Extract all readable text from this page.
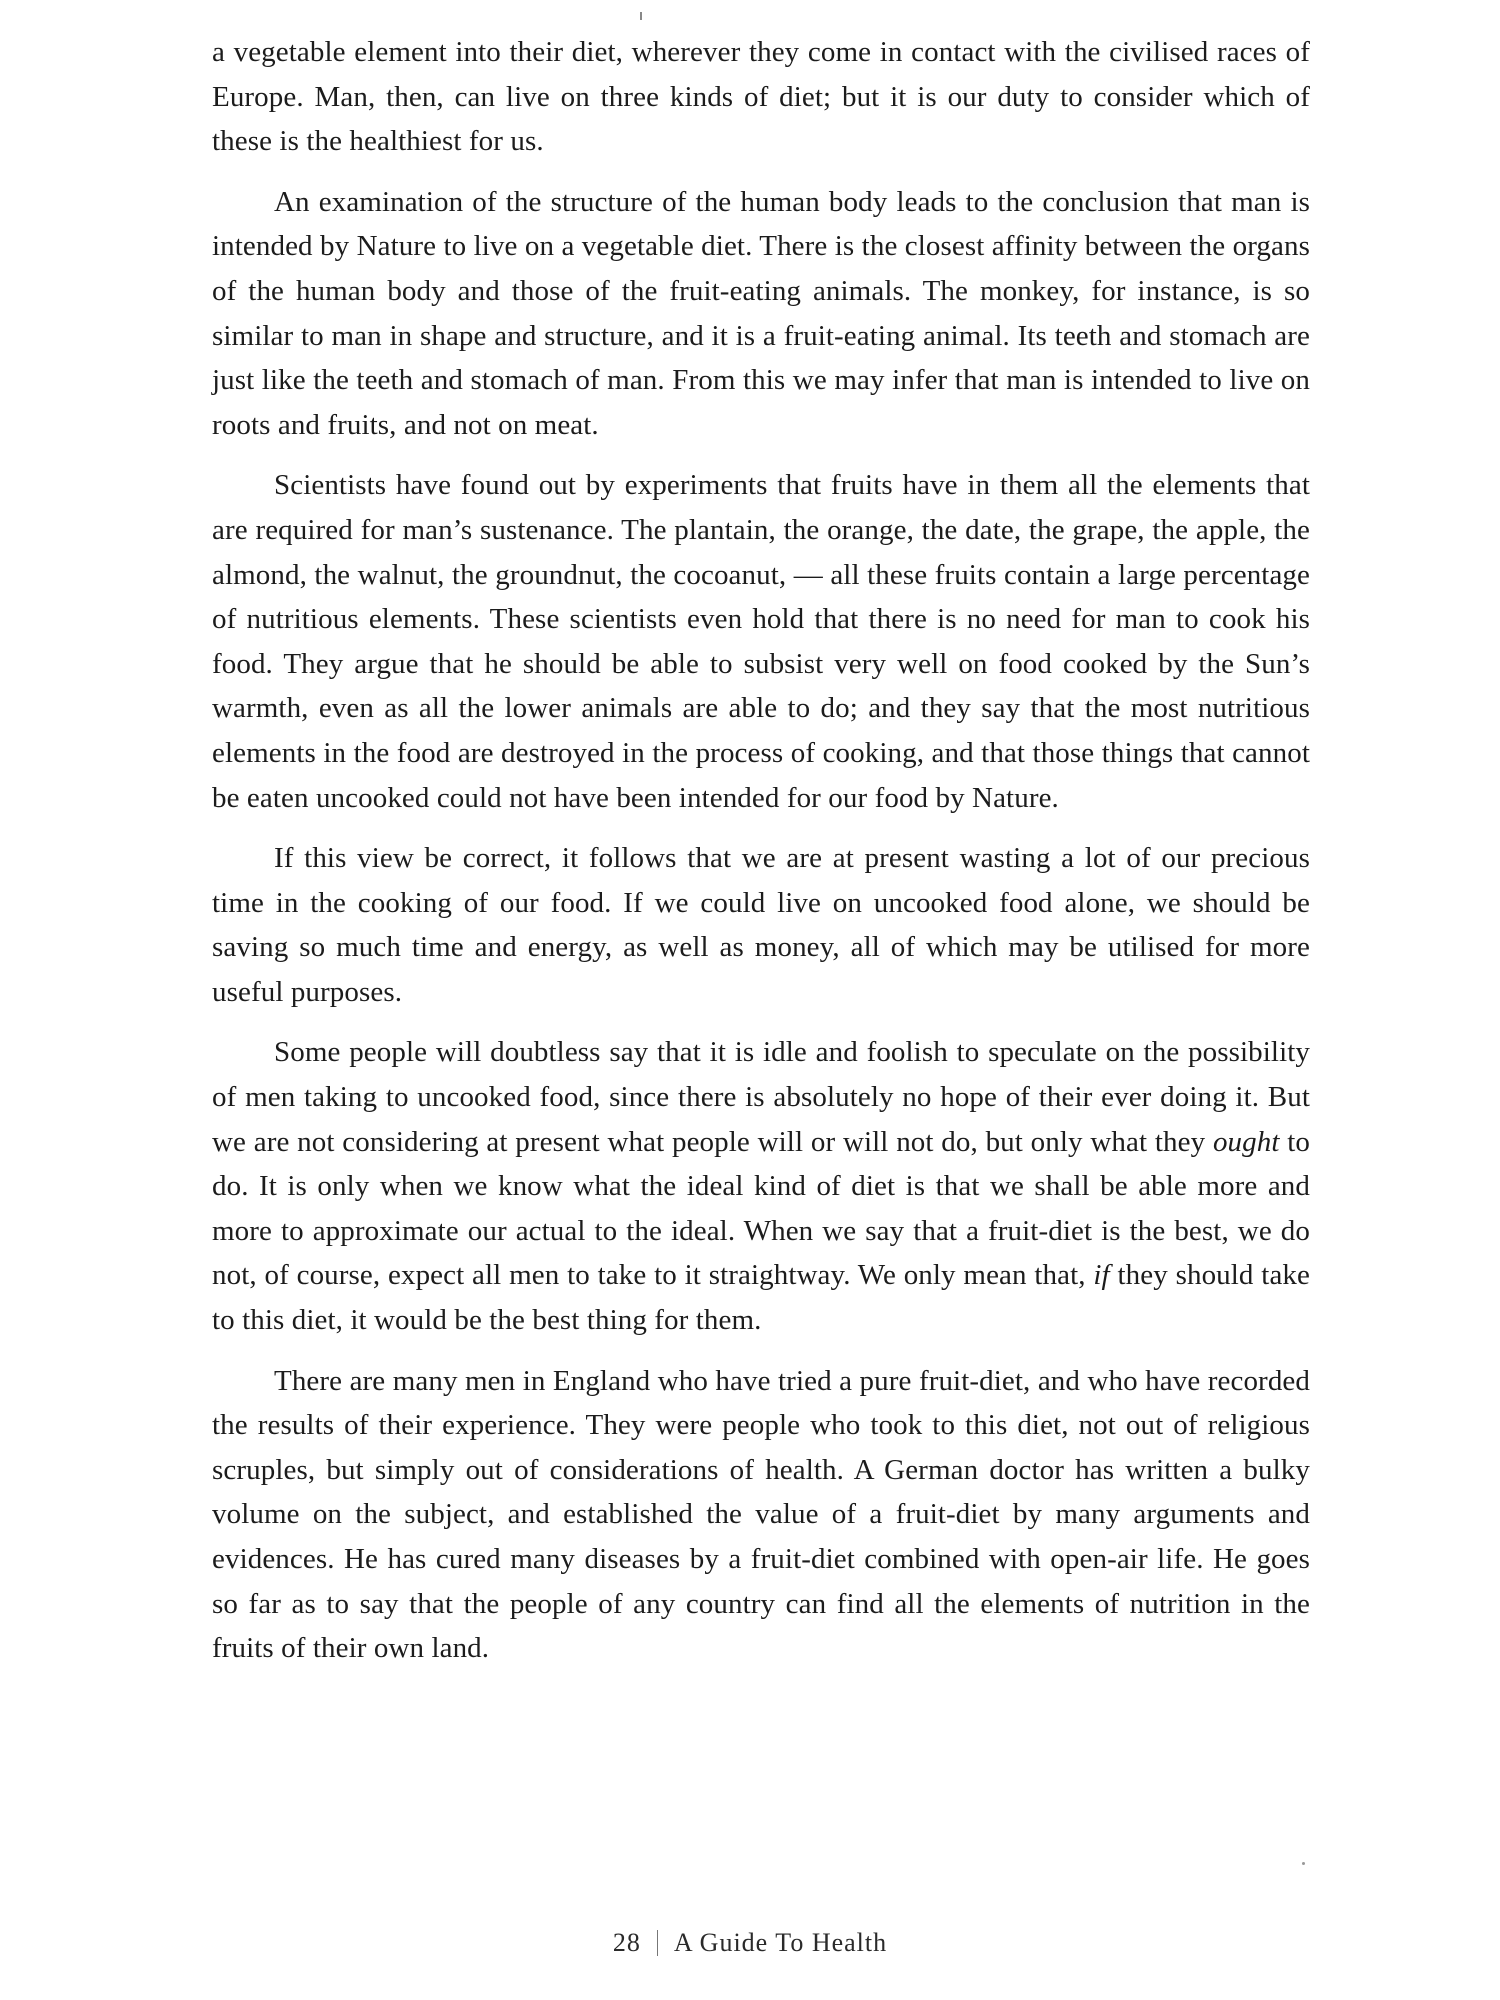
a vegetable element into their diet, wherever they come in contact with the civilised races of Europe. Man, then, can live on three kinds of diet; but it is our duty to consider which of these is the healthiest for us.

An examination of the structure of the human body leads to the conclusion that man is intended by Nature to live on a vegetable diet. There is the closest affinity between the organs of the human body and those of the fruit-eating animals. The monkey, for instance, is so similar to man in shape and structure, and it is a fruit-eating animal. Its teeth and stomach are just like the teeth and stomach of man. From this we may infer that man is intended to live on roots and fruits, and not on meat.

Scientists have found out by experiments that fruits have in them all the elements that are required for man’s sustenance. The plantain, the orange, the date, the grape, the apple, the almond, the walnut, the groundnut, the cocoanut, — all these fruits contain a large percentage of nutritious elements. These scientists even hold that there is no need for man to cook his food. They argue that he should be able to subsist very well on food cooked by the Sun’s warmth, even as all the lower animals are able to do; and they say that the most nutritious elements in the food are destroyed in the process of cooking, and that those things that cannot be eaten uncooked could not have been intended for our food by Nature.

If this view be correct, it follows that we are at present wasting a lot of our precious time in the cooking of our food. If we could live on uncooked food alone, we should be saving so much time and energy, as well as money, all of which may be utilised for more useful purposes.

Some people will doubtless say that it is idle and foolish to speculate on the possibility of men taking to uncooked food, since there is absolutely no hope of their ever doing it. But we are not considering at present what people will or will not do, but only what they ought to do. It is only when we know what the ideal kind of diet is that we shall be able more and more to approximate our actual to the ideal. When we say that a fruit-diet is the best, we do not, of course, expect all men to take to it straightway. We only mean that, if they should take to this diet, it would be the best thing for them.

There are many men in England who have tried a pure fruit-diet, and who have recorded the results of their experience. They were people who took to this diet, not out of religious scruples, but simply out of considerations of health. A German doctor has written a bulky volume on the subject, and established the value of a fruit-diet by many arguments and evidences. He has cured many diseases by a fruit-diet combined with open-air life. He goes so far as to say that the people of any country can find all the elements of nutrition in the fruits of their own land.

28 A Guide To Health
